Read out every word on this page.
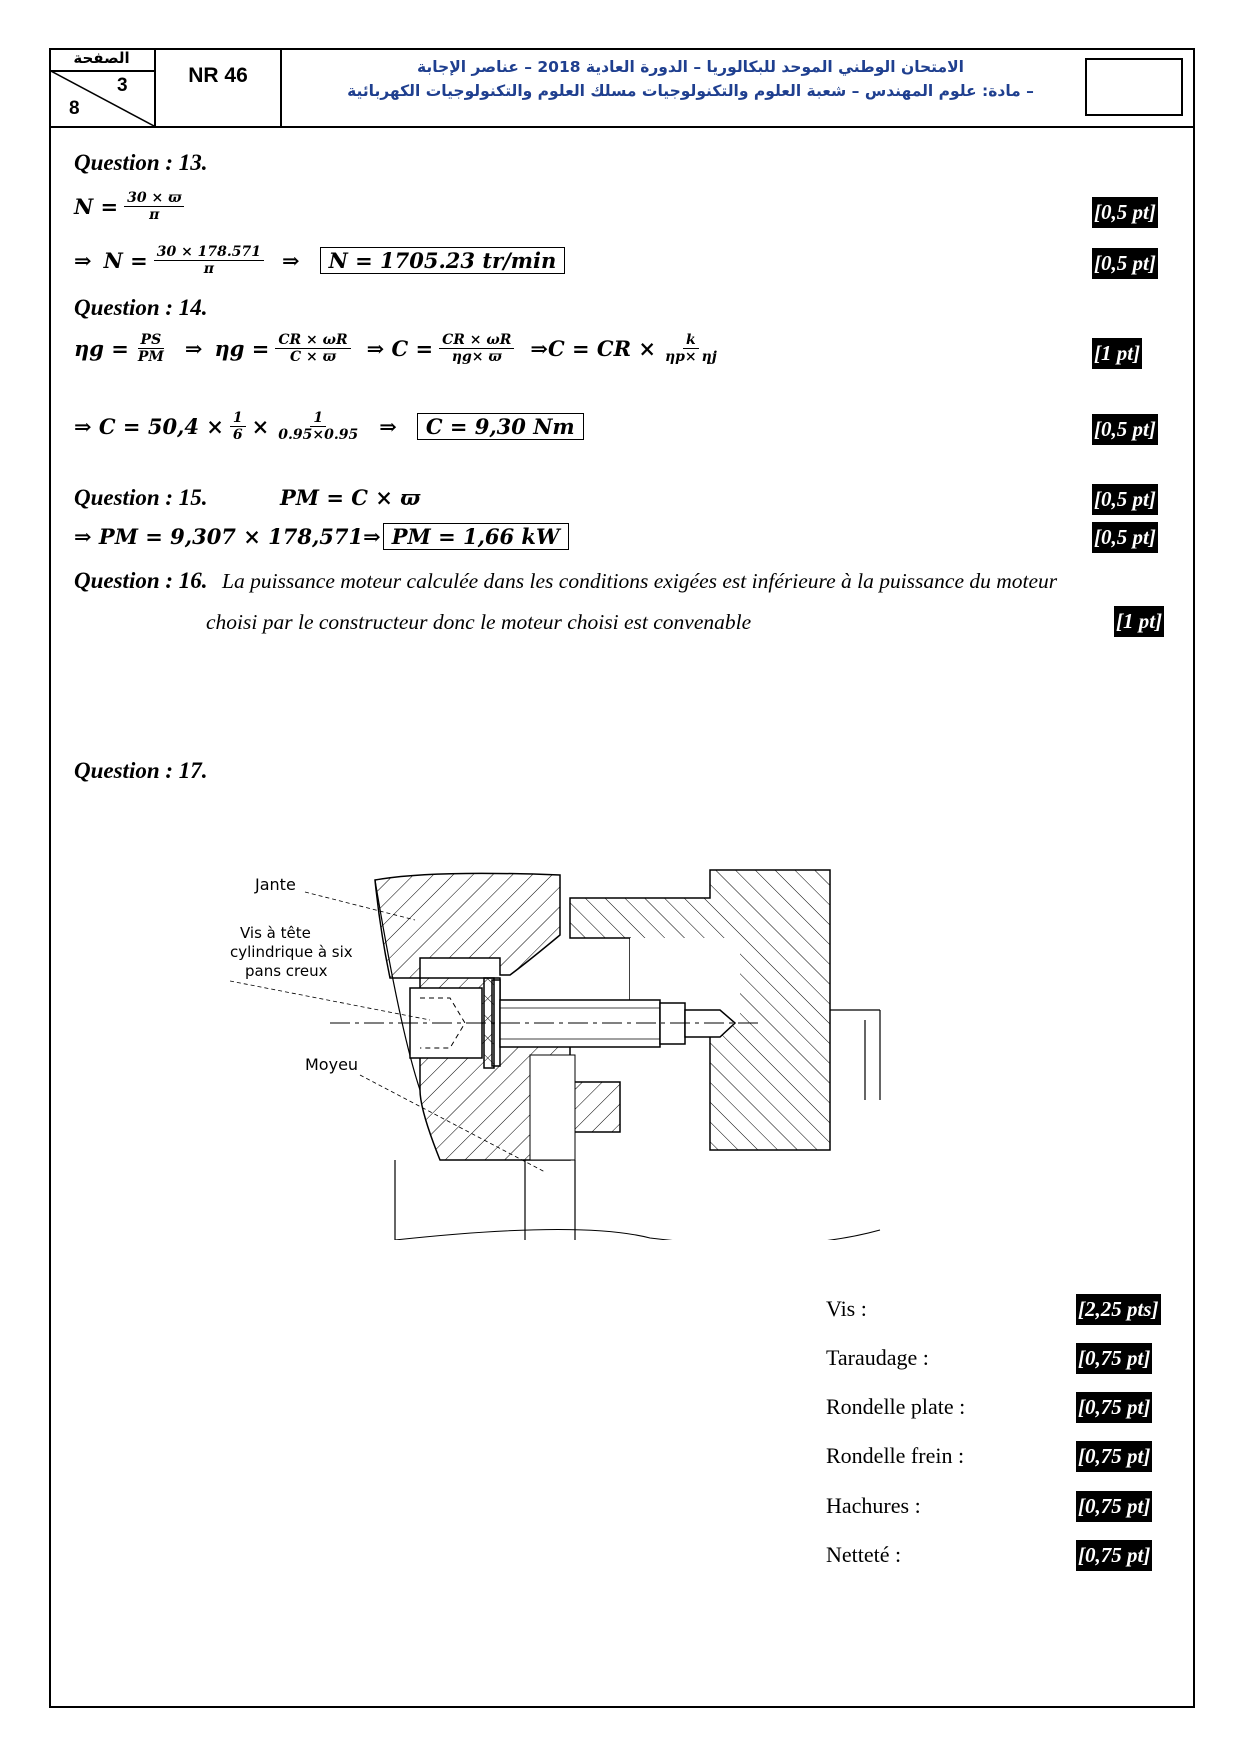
الصفحة
3
8
NR 46	الامتحان الوطني الموحد للبكالوريا – الدورة العادية 2018 – عناصر الإجابة
– مادة: علوم المهندس – شعبة العلوم والتكنولوجيات مسلك العلوم والتكنولوجيات الكهربائية
Question : 13.
$N = \frac{30 \times ϖ}{\pi}$	[0,5 pt]
⇒ $N = \frac{30 \times 178.571}{\pi}$ ⇒	N = 1705.23 tr/min	[0,5 pt]
Question : 14.
$\eta g = \frac{PS}{PM}$ ⇒ $\eta g = \frac{CR \times \omega R}{C \times ϖ}$ ⇒ $C = \frac{CR \times \omega R}{\eta g\times ϖ}$ ⇒C = CR × $\frac{k}{\eta p\times \eta j}$	[1 pt]
⇒ $C = 50,4 \times \frac{1}{6} \times \frac{1}{0.95\times 0.95}$ ⇒	C = 9,30 Nm	[0,5 pt]
Question : 15.	PM = C × ϖ	[0,5 pt]
⇒ PM = 9,307 × 178,571⇒ PM = 1,66 kW	[0,5 pt]
Question : 16. La puissance moteur calculée dans les conditions exigées est inférieure à la puissance du moteur
choisi par le constructeur donc le moteur choisi est convenable	[1 pt]
Question : 17.
Jante
Vis à tête
cylindrique à six
pans creux
Moyeu
Vis :	[2,25 pts]
Taraudage :	[0,75 pt]
Rondelle plate :	[0,75 pt]
Rondelle frein :	[0,75 pt]
Hachures :	[0,75 pt]
Netteté :	[0,75 pt]
